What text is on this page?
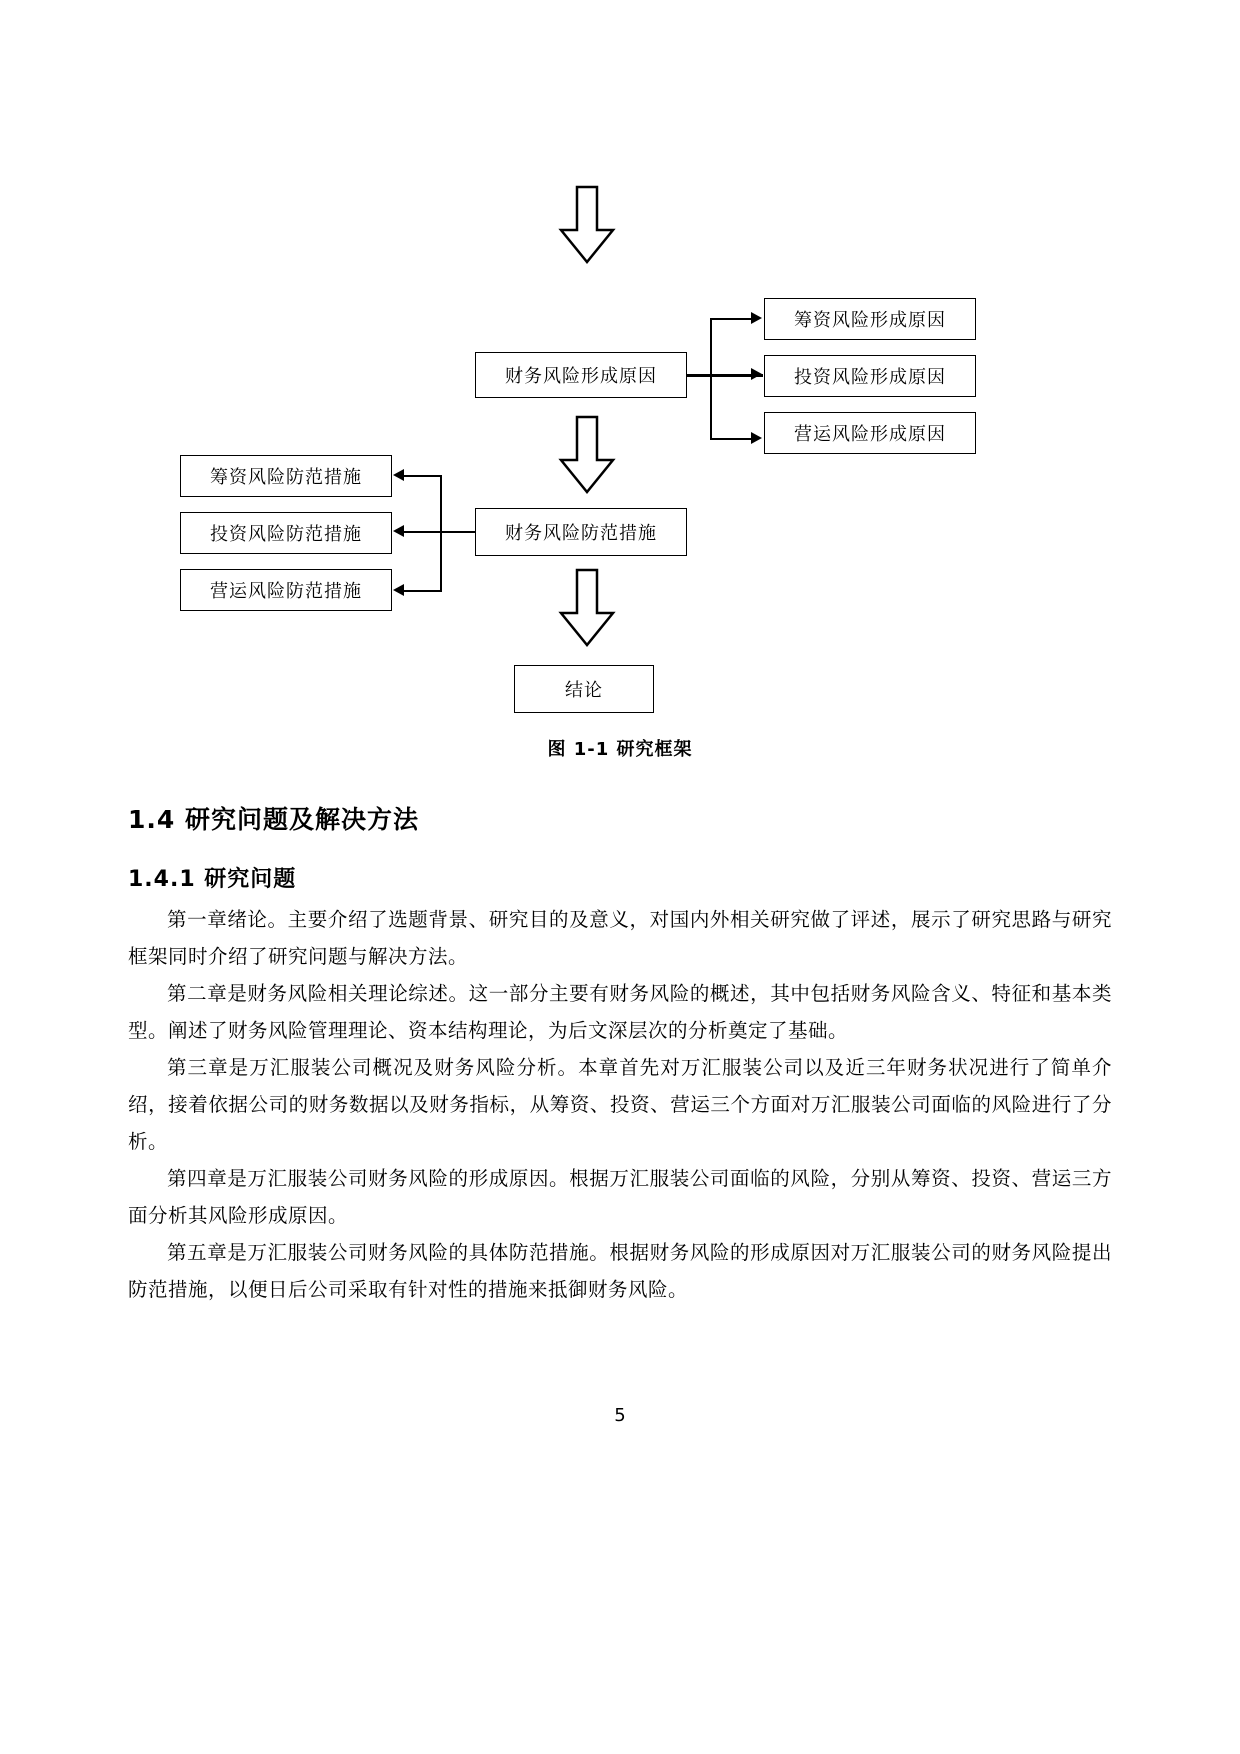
筹资风险形成原因
投资风险形成原因
营运风险形成原因
财务风险形成原因
筹资风险防范措施
投资风险防范措施
营运风险防范措施
财务风险防范措施
结论
图 1-1 研究框架
1.4 研究问题及解决方法
1.4.1 研究问题

第一章绪论。主要介绍了选题背景、研究目的及意义，对国内外相关研究做了评述，展示了研究思路与研究框架同时介绍了研究问题与解决方法。

第二章是财务风险相关理论综述。这一部分主要有财务风险的概述，其中包括财务风险含义、特征和基本类型。阐述了财务风险管理理论、资本结构理论，为后文深层次的分析奠定了基础。

第三章是万汇服装公司概况及财务风险分析。本章首先对万汇服装公司以及近三年财务状况进行了简单介绍，接着依据公司的财务数据以及财务指标，从筹资、投资、营运三个方面对万汇服装公司面临的风险进行了分析。

第四章是万汇服装公司财务风险的形成原因。根据万汇服装公司面临的风险，分别从筹资、投资、营运三方面分析其风险形成原因。

第五章是万汇服装公司财务风险的具体防范措施。根据财务风险的形成原因对万汇服装公司的财务风险提出防范措施，以便日后公司采取有针对性的措施来抵御财务风险。

5
